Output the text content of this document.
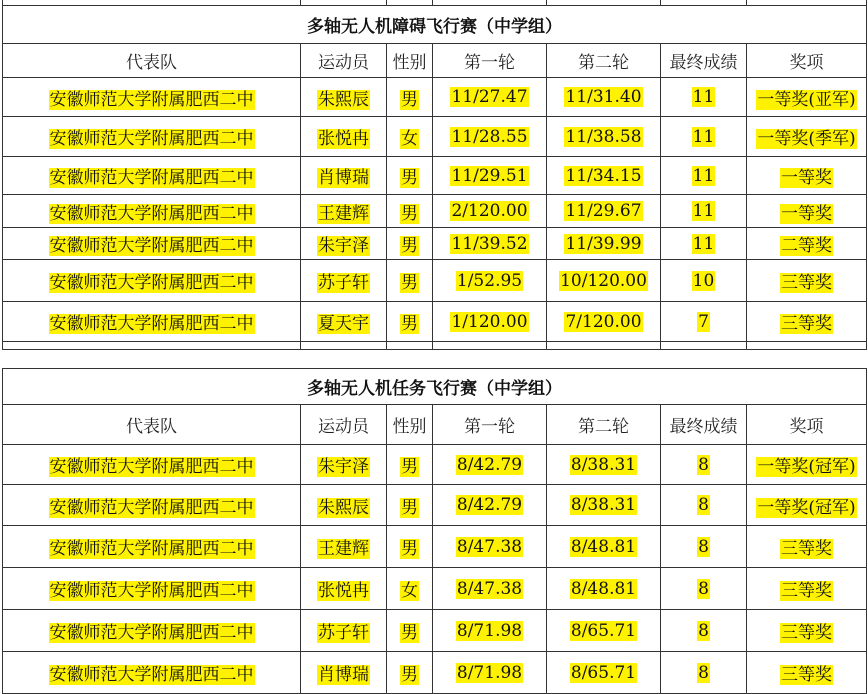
多轴无人机障碍飞行赛（中学组）						
代表队	运动员	性别	第一轮	第二轮	最终成绩	奖项
安徽师范大学附属肥西二中	朱熙辰	男	11/27.47	11/31.40	11	一等奖(亚军)
安徽师范大学附属肥西二中	张悦冉	女	11/28.55	11/38.58	11	一等奖(季军)
安徽师范大学附属肥西二中	肖博瑞	男	11/29.51	11/34.15	11	一等奖
安徽师范大学附属肥西二中	王建辉	男	2/120.00	11/29.67	11	一等奖
安徽师范大学附属肥西二中	朱宇泽	男	11/39.52	11/39.99	11	二等奖
安徽师范大学附属肥西二中	苏子轩	男	1/52.95	10/120.00	10	三等奖
安徽师范大学附属肥西二中	夏天宇	男	1/120.00	7/120.00	7	三等奖

多轴无人机任务飞行赛（中学组）						
代表队	运动员	性别	第一轮	第二轮	最终成绩	奖项
安徽师范大学附属肥西二中	朱宇泽	男	8/42.79	8/38.31	8	一等奖(冠军)
安徽师范大学附属肥西二中	朱熙辰	男	8/42.79	8/38.31	8	一等奖(冠军)
安徽师范大学附属肥西二中	王建辉	男	8/47.38	8/48.81	8	三等奖
安徽师范大学附属肥西二中	张悦冉	女	8/47.38	8/48.81	8	三等奖
安徽师范大学附属肥西二中	苏子轩	男	8/71.98	8/65.71	8	三等奖
安徽师范大学附属肥西二中	肖博瑞	男	8/71.98	8/65.71	8	三等奖
